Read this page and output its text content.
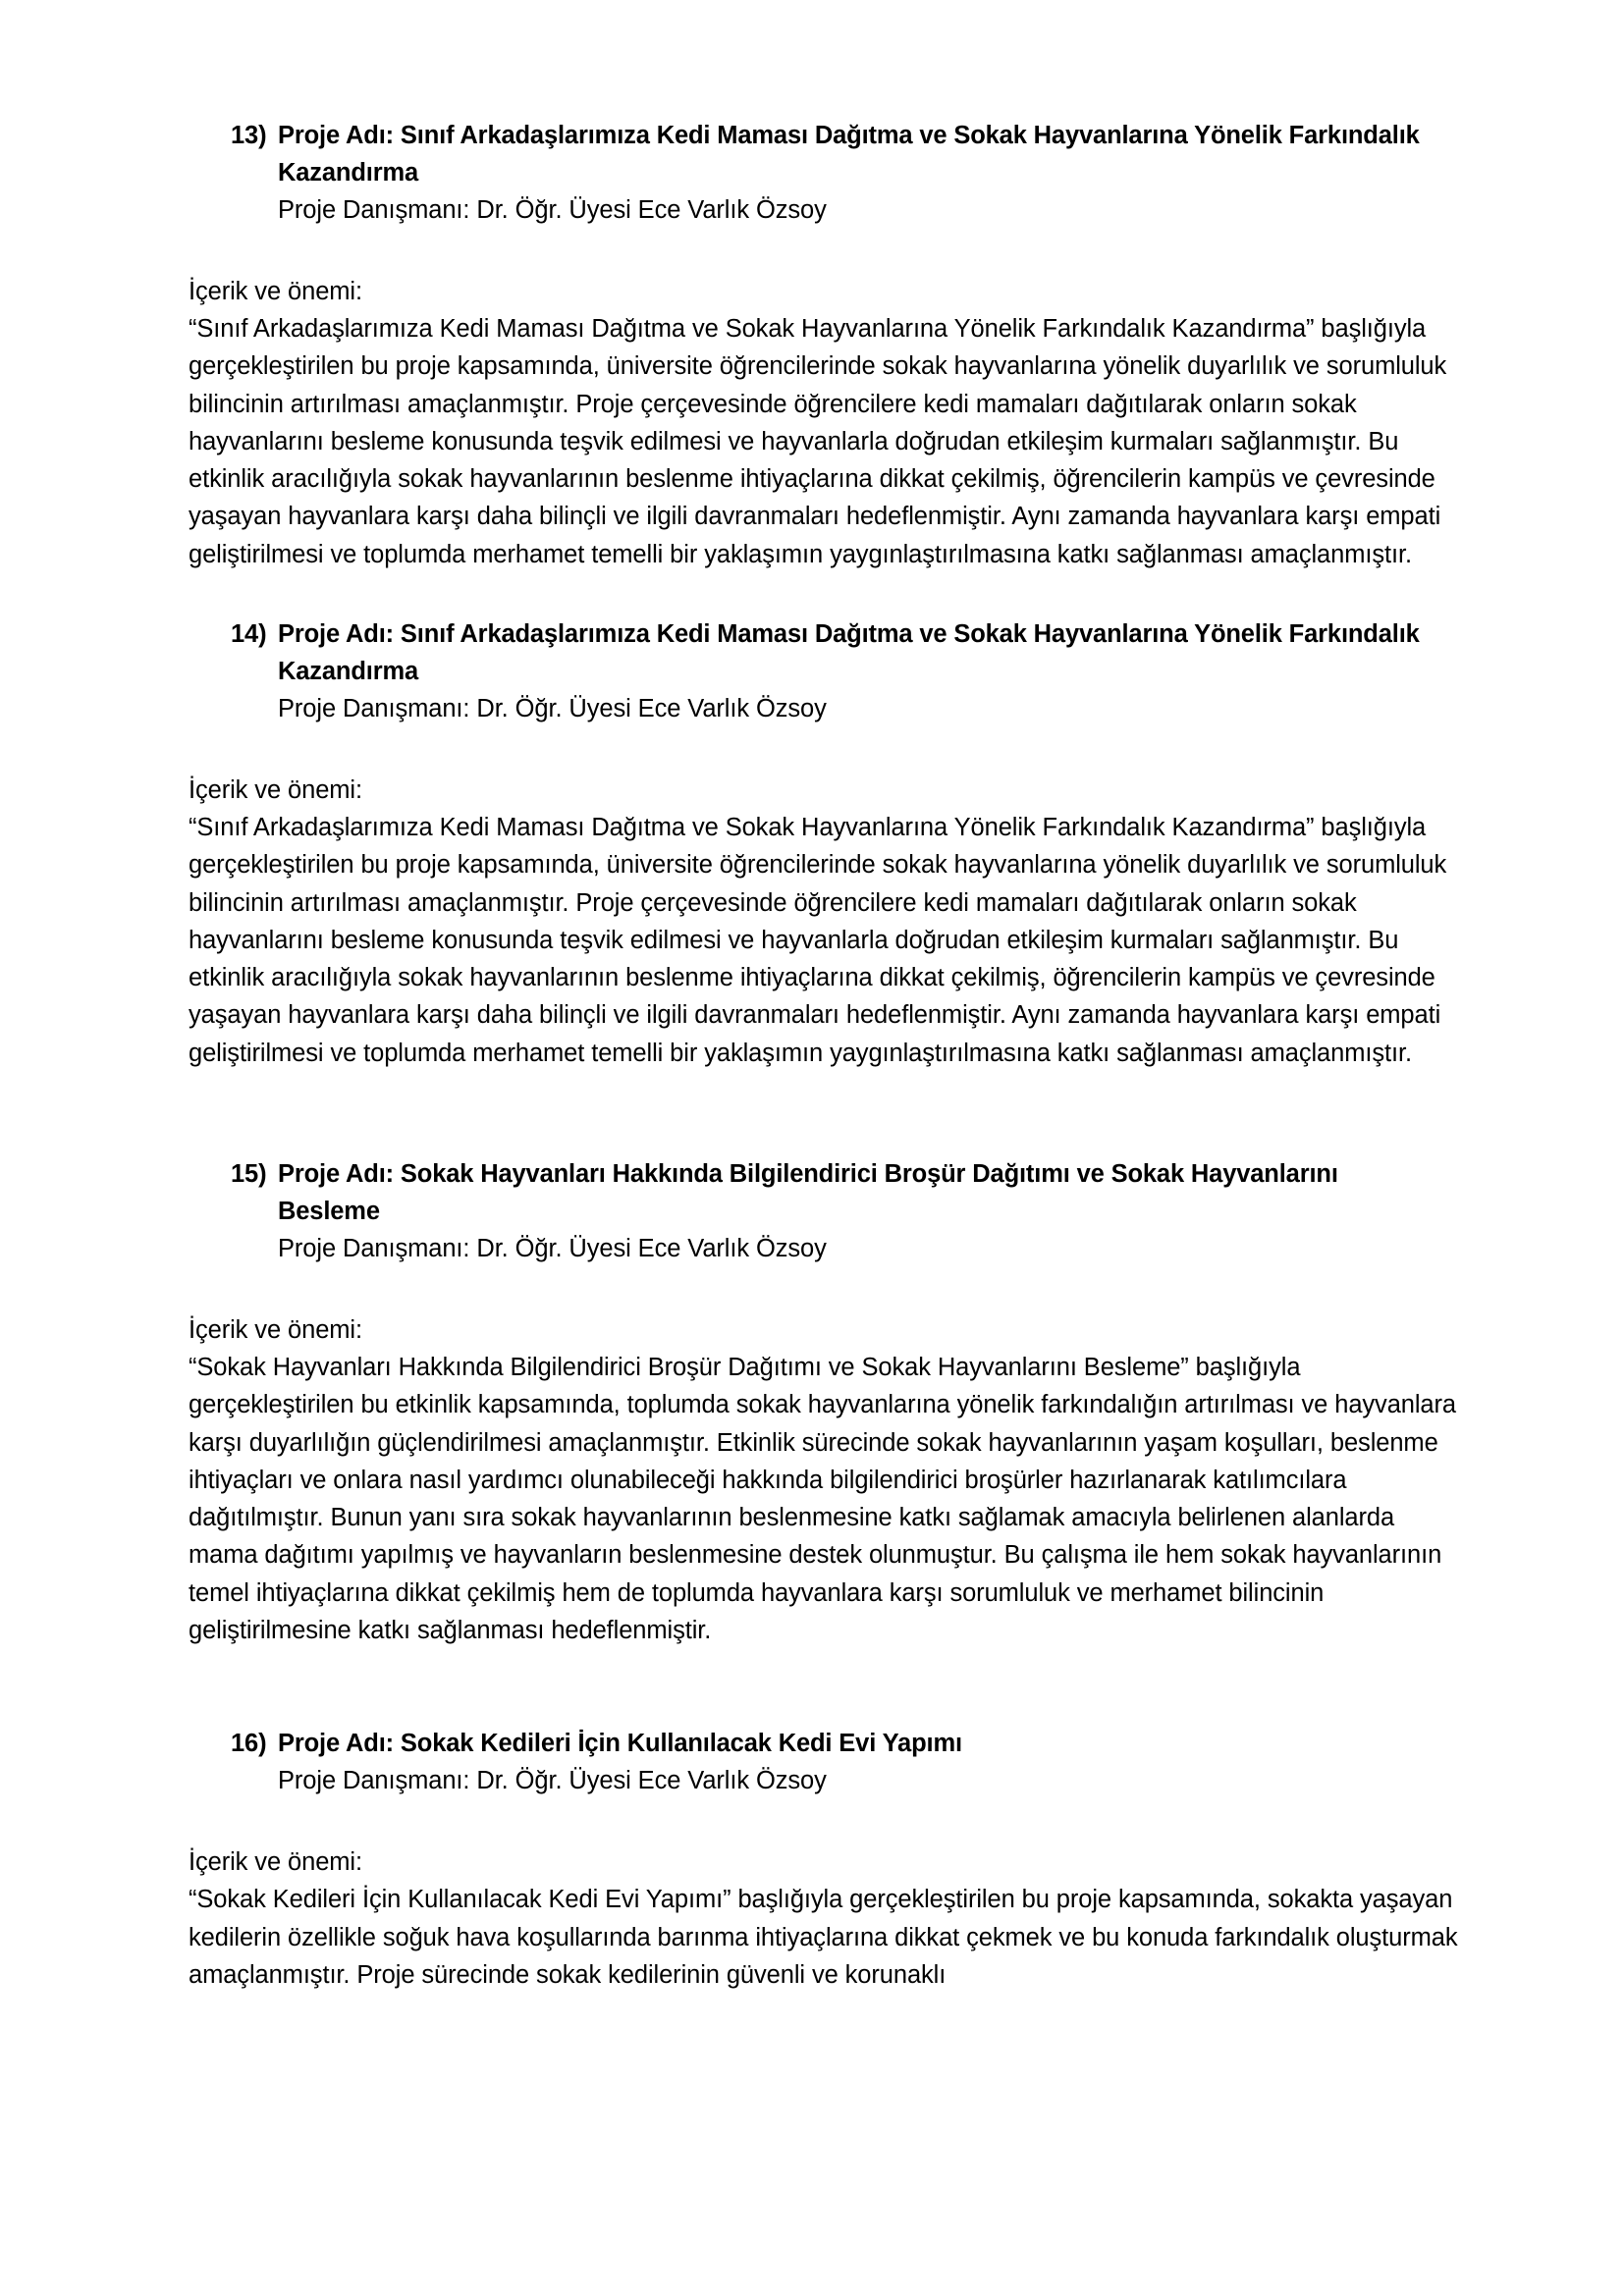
13) Proje Adı: Sınıf Arkadaşlarımıza Kedi Maması Dağıtma ve Sokak Hayvanlarına Yönelik Farkındalık Kazandırma
Proje Danışmanı: Dr. Öğr. Üyesi Ece Varlık Özsoy
İçerik ve önemi:
“Sınıf Arkadaşlarımıza Kedi Maması Dağıtma ve Sokak Hayvanlarına Yönelik Farkındalık Kazandırma” başlığıyla gerçekleştirilen bu proje kapsamında, üniversite öğrencilerinde sokak hayvanlarına yönelik duyarlılık ve sorumluluk bilincinin artırılması amaçlanmıştır. Proje çerçevesinde öğrencilere kedi mamaları dağıtılarak onların sokak hayvanlarını besleme konusunda teşvik edilmesi ve hayvanlarla doğrudan etkileşim kurmaları sağlanmıştır. Bu etkinlik aracılığıyla sokak hayvanlarının beslenme ihtiyaçlarına dikkat çekilmiş, öğrencilerin kampüs ve çevresinde yaşayan hayvanlara karşı daha bilinçli ve ilgili davranmaları hedeflenmiştir. Aynı zamanda hayvanlara karşı empati geliştirilmesi ve toplumda merhamet temelli bir yaklaşımın yaygınlaştırılmasına katkı sağlanması amaçlanmıştır.
14) Proje Adı: Sınıf Arkadaşlarımıza Kedi Maması Dağıtma ve Sokak Hayvanlarına Yönelik Farkındalık Kazandırma
Proje Danışmanı: Dr. Öğr. Üyesi Ece Varlık Özsoy
İçerik ve önemi:
“Sınıf Arkadaşlarımıza Kedi Maması Dağıtma ve Sokak Hayvanlarına Yönelik Farkındalık Kazandırma” başlığıyla gerçekleştirilen bu proje kapsamında, üniversite öğrencilerinde sokak hayvanlarına yönelik duyarlılık ve sorumluluk bilincinin artırılması amaçlanmıştır. Proje çerçevesinde öğrencilere kedi mamaları dağıtılarak onların sokak hayvanlarını besleme konusunda teşvik edilmesi ve hayvanlarla doğrudan etkileşim kurmaları sağlanmıştır. Bu etkinlik aracılığıyla sokak hayvanlarının beslenme ihtiyaçlarına dikkat çekilmiş, öğrencilerin kampüs ve çevresinde yaşayan hayvanlara karşı daha bilinçli ve ilgili davranmaları hedeflenmiştir. Aynı zamanda hayvanlara karşı empati geliştirilmesi ve toplumda merhamet temelli bir yaklaşımın yaygınlaştırılmasına katkı sağlanması amaçlanmıştır.
15) Proje Adı: Sokak Hayvanları Hakkında Bilgilendirici Broşür Dağıtımı ve Sokak Hayvanlarını Besleme
Proje Danışmanı: Dr. Öğr. Üyesi Ece Varlık Özsoy
İçerik ve önemi:
“Sokak Hayvanları Hakkında Bilgilendirici Broşür Dağıtımı ve Sokak Hayvanlarını Besleme” başlığıyla gerçekleştirilen bu etkinlik kapsamında, toplumda sokak hayvanlarına yönelik farkındalığın artırılması ve hayvanlara karşı duyarlılığın güçlendirilmesi amaçlanmıştır. Etkinlik sürecinde sokak hayvanlarının yaşam koşulları, beslenme ihtiyaçları ve onlara nasıl yardımcı olunabileceği hakkında bilgilendirici broşürler hazırlanarak katılımcılara dağıtılmıştır. Bunun yanı sıra sokak hayvanlarının beslenmesine katkı sağlamak amacıyla belirlenen alanlarda mama dağıtımı yapılmış ve hayvanların beslenmesine destek olunmuştur. Bu çalışma ile hem sokak hayvanlarının temel ihtiyaçlarına dikkat çekilmiş hem de toplumda hayvanlara karşı sorumluluk ve merhamet bilincinin geliştirilmesine katkı sağlanması hedeflenmiştir.
16) Proje Adı: Sokak Kedileri İçin Kullanılacak Kedi Evi Yapımı
Proje Danışmanı: Dr. Öğr. Üyesi Ece Varlık Özsoy
İçerik ve önemi:
“Sokak Kedileri İçin Kullanılacak Kedi Evi Yapımı” başlığıyla gerçekleştirilen bu proje kapsamında, sokakta yaşayan kedilerin özellikle soğuk hava koşullarında barınma ihtiyaçlarına dikkat çekmek ve bu konuda farkındalık oluşturmak amaçlanmıştır. Proje sürecinde sokak kedilerinin güvenli ve korunaklı
